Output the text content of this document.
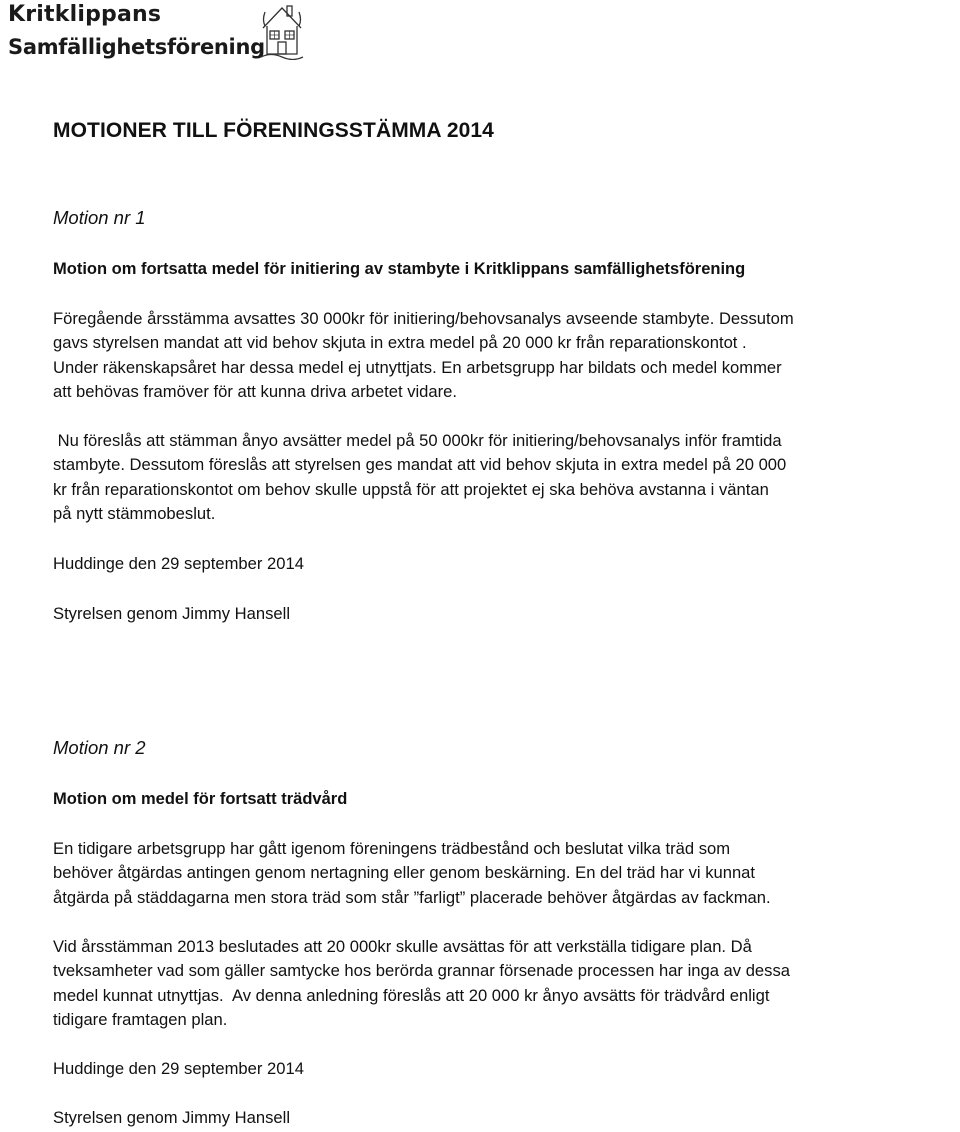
Kritklippans
Samfällighetsförening
MOTIONER TILL FÖRENINGSSTÄMMA 2014
Motion nr 1
Motion om fortsatta medel för initiering av stambyte i Kritklippans samfällighetsförening

Föregående årsstämma avsattes 30 000kr för initiering/behovsanalys avseende stambyte. Dessutom
gavs styrelsen mandat att vid behov skjuta in extra medel på 20 000 kr från reparationskontot .
Under räkenskapsåret har dessa medel ej utnyttjats. En arbetsgrupp har bildats och medel kommer
att behövas framöver för att kunna driva arbetet vidare.

Nu föreslås att stämman ånyo avsätter medel på 50 000kr för initiering/behovsanalys inför framtida
stambyte. Dessutom föreslås att styrelsen ges mandat att vid behov skjuta in extra medel på 20 000
kr från reparationskontot om behov skulle uppstå för att projektet ej ska behöva avstanna i väntan
på nytt stämmobeslut.

Huddinge den 29 september 2014
Styrelsen genom Jimmy Hansell
Motion nr 2
Motion om medel för fortsatt trädvård

En tidigare arbetsgrupp har gått igenom föreningens trädbestånd och beslutat vilka träd som
behöver åtgärdas antingen genom nertagning eller genom beskärning. En del träd har vi kunnat
åtgärda på städdagarna men stora träd som står ”farligt” placerade behöver åtgärdas av fackman.

Vid årsstämman 2013 beslutades att 20 000kr skulle avsättas för att verkställa tidigare plan. Då
tveksamheter vad som gäller samtycke hos berörda grannar försenade processen har inga av dessa
medel kunnat utnyttjas.  Av denna anledning föreslås att 20 000 kr ånyo avsätts för trädvård enligt
tidigare framtagen plan.

Huddinge den 29 september 2014
Styrelsen genom Jimmy Hansell
